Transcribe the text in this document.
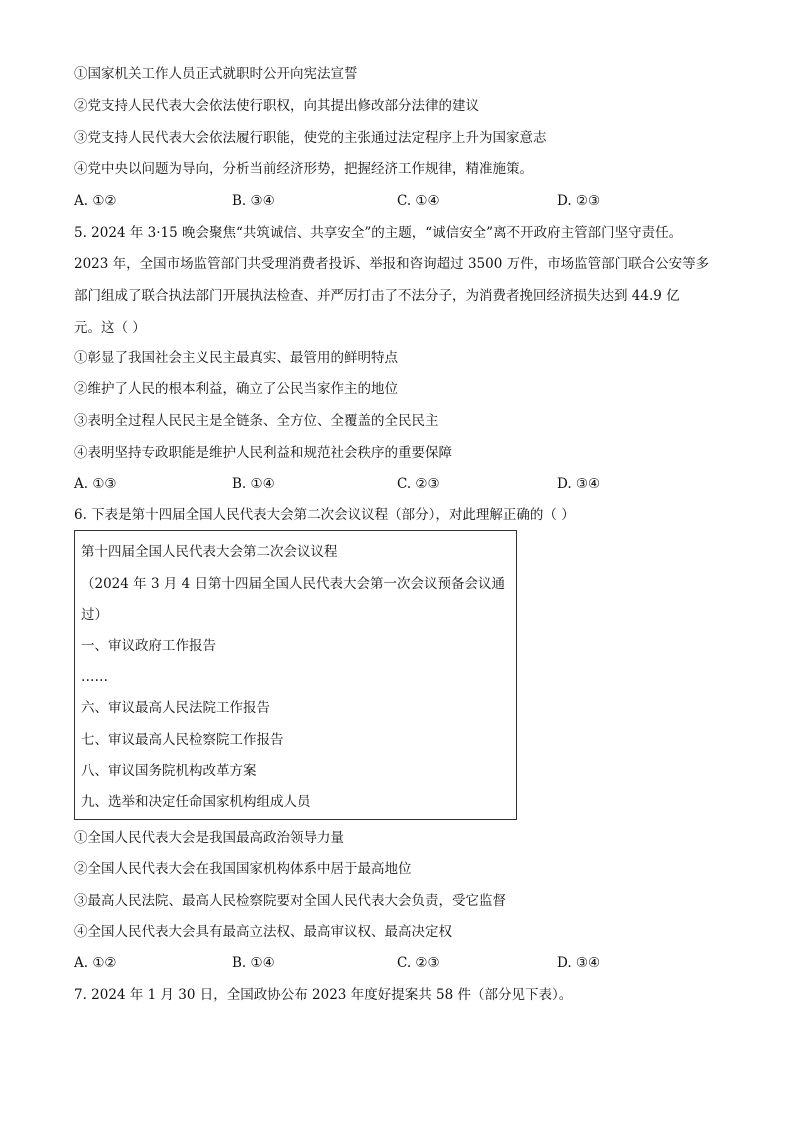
①国家机关工作人员正式就职时公开向宪法宣誓
②党支持人民代表大会依法使行职权，向其提出修改部分法律的建议
③党支持人民代表大会依法履行职能，使党的主张通过法定程序上升为国家意志
④党中央以问题为导向，分析当前经济形势，把握经济工作规律，精准施策。
A. ①②	B. ③④	C. ①④	D. ②③
5. 2024 年 3·15 晚会聚焦“共筑诚信、共享安全”的主题，“诚信安全”离不开政府主管部门坚守责任。
2023 年，全国市场监管部门共受理消费者投诉、举报和咨询超过 3500 万件，市场监管部门联合公安等多
部门组成了联合执法部门开展执法检查、并严厉打击了不法分子，为消费者挽回经济损失达到 44.9 亿
元。这（ ）
①彰显了我国社会主义民主最真实、最管用的鲜明特点
②维护了人民的根本利益，确立了公民当家作主的地位
③表明全过程人民民主是全链条、全方位、全覆盖的全民民主
④表明坚持专政职能是维护人民利益和规范社会秩序的重要保障
A. ①③	B. ①④	C. ②③	D. ③④
6. 下表是第十四届全国人民代表大会第二次会议议程（部分），对此理解正确的（ ）
第十四届全国人民代表大会第二次会议议程
（2024 年 3 月 4 日第十四届全国人民代表大会第一次会议预备会议通
过）
一、审议政府工作报告
……
六、审议最高人民法院工作报告
七、审议最高人民检察院工作报告
八、审议国务院机构改革方案
九、选举和决定任命国家机构组成人员
①全国人民代表大会是我国最高政治领导力量
②全国人民代表大会在我国国家机构体系中居于最高地位
③最高人民法院、最高人民检察院要对全国人民代表大会负责，受它监督
④全国人民代表大会具有最高立法权、最高审议权、最高决定权
A. ①②	B. ①④	C. ②③	D. ③④
7. 2024 年 1 月 30 日，全国政协公布 2023 年度好提案共 58 件（部分见下表）。
